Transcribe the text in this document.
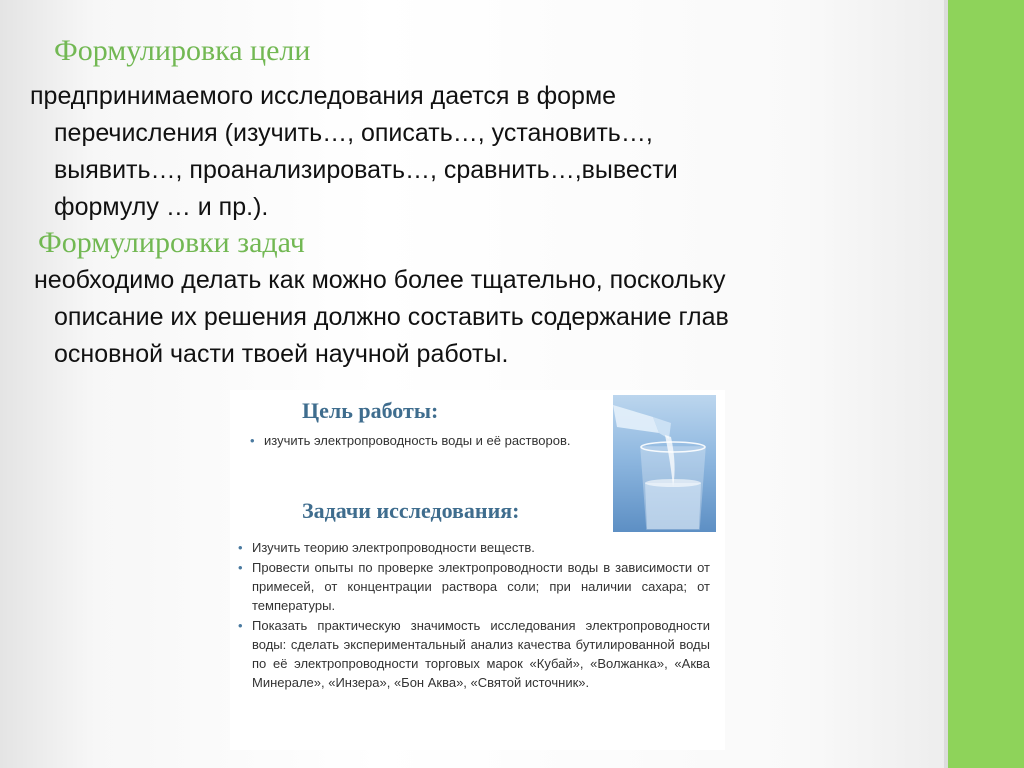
Формулировка цели
предпринимаемого исследования дается в форме
перечисления (изучить…, описать…, установить…,
выявить…, проанализировать…, сравнить…,вывести
формулу … и пр.).
Формулировки задач
необходимо делать как можно более тщательно, поскольку
описание их решения должно составить содержание глав
основной части твоей научной работы.
Цель работы:
• изучить электропроводность воды и её растворов.
Задачи исследования:
• Изучить теорию электропроводности веществ.
• Провести опыты по проверке электропроводности воды в зависимости от примесей, от концентрации раствора соли; при наличии сахара; от температуры.
• Показать практическую значимость исследования электропроводности воды: сделать экспериментальный анализ качества бутилированной воды по её электропроводности торговых марок «Кубай», «Волжанка», «Аква Минерале», «Инзера», «Бон Аква», «Святой источник».
